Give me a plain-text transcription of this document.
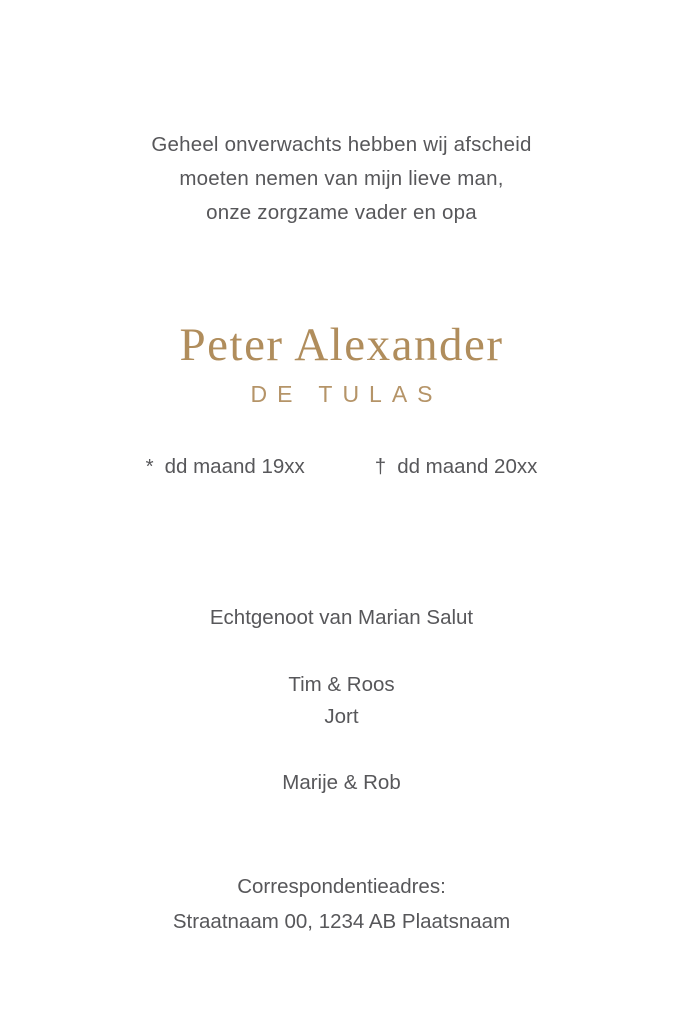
Geheel onverwachts hebben wij afscheid
moeten nemen van mijn lieve man,
onze zorgzame vader en opa
Peter Alexander
DE TULAS
* dd maand 19xx	† dd maand 20xx
Echtgenoot van Marian Salut
Tim & Roos
Jort
Marije & Rob
Correspondentieadres:
Straatnaam 00, 1234 AB Plaatsnaam
